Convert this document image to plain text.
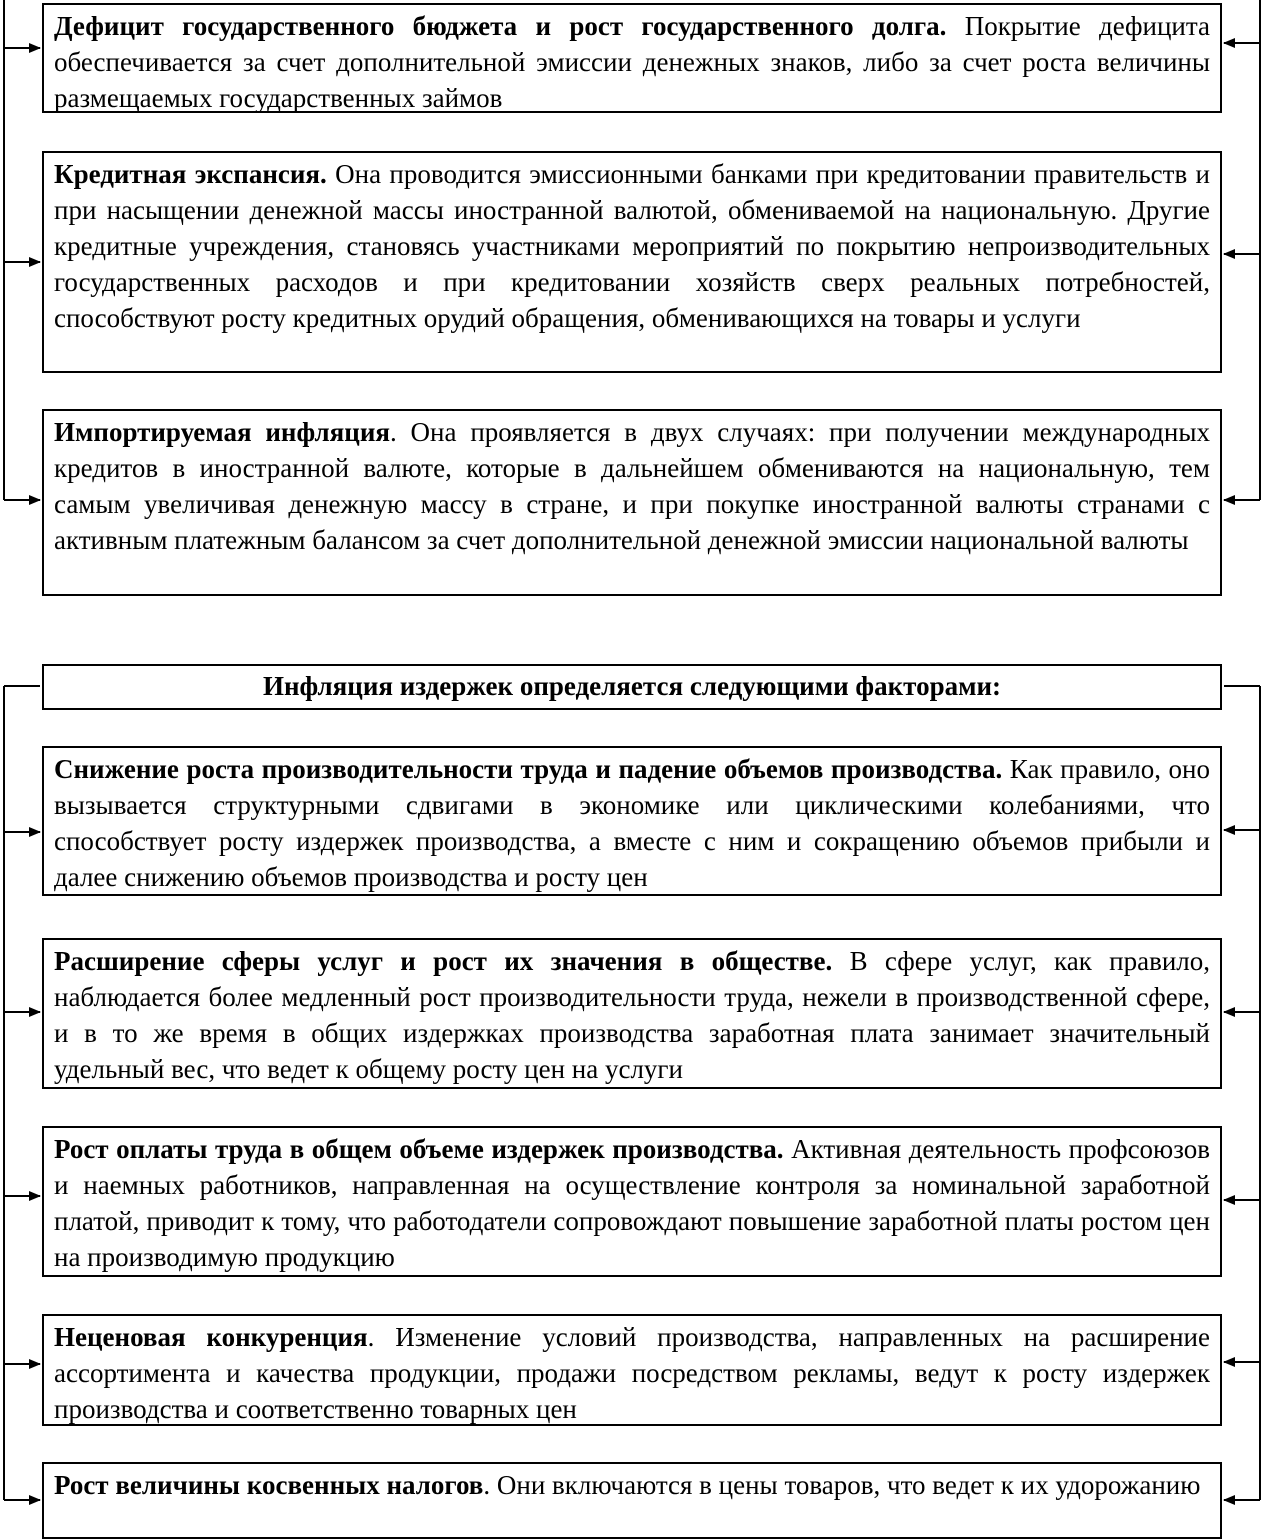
Дефицит государственного бюджета и рост государственного долга. Покрытие дефицита обеспечивается за счет дополнительной эмиссии денежных знаков, либо за счет роста величины размещаемых государственных займов
Кредитная экспансия. Она проводится эмиссионными банками при кредитовании правительств и при насыщении денежной массы иностранной валютой, обмениваемой на национальную. Другие кредитные учреждения, становясь участниками мероприятий по покрытию непроизводительных государственных расходов и при кредитовании хозяйств сверх реальных потребностей, способствуют росту кредитных орудий обращения, обменивающихся на товары и услуги
Импортируемая инфляция. Она проявляется в двух случаях: при получении международных кредитов в иностранной валюте, которые в дальнейшем обмениваются на национальную, тем самым увеличивая денежную массу в стране, и при покупке иностранной валюты странами с активным платежным балансом за счет дополнительной денежной эмиссии национальной валюты
Инфляция издержек определяется следующими факторами:
Снижение роста производительности труда и падение объемов производства. Как правило, оно вызывается структурными сдвигами в экономике или циклическими колебаниями, что способствует росту издержек производства, а вместе с ним и сокращению объемов прибыли и далее снижению объемов производства и росту цен
Расширение сферы услуг и рост их значения в обществе. В сфере услуг, как правило, наблюдается более медленный рост производительности труда, нежели в производственной сфере, и в то же время в общих издержках производства заработная плата занимает значительный удельный вес, что ведет к общему росту цен на услуги
Рост оплаты труда в общем объеме издержек производства. Активная деятельность профсоюзов и наемных работников, направленная на осуществление контроля за номинальной заработной платой, приводит к тому, что работодатели сопровождают повышение заработной платы ростом цен на производимую продукцию
Неценовая конкуренция. Изменение условий производства, направленных на расширение ассортимента и качества продукции, продажи посредством рекламы, ведут к росту издержек производства и соответственно товарных цен
Рост величины косвенных налогов. Они включаются в цены товаров, что ведет к их удорожанию
